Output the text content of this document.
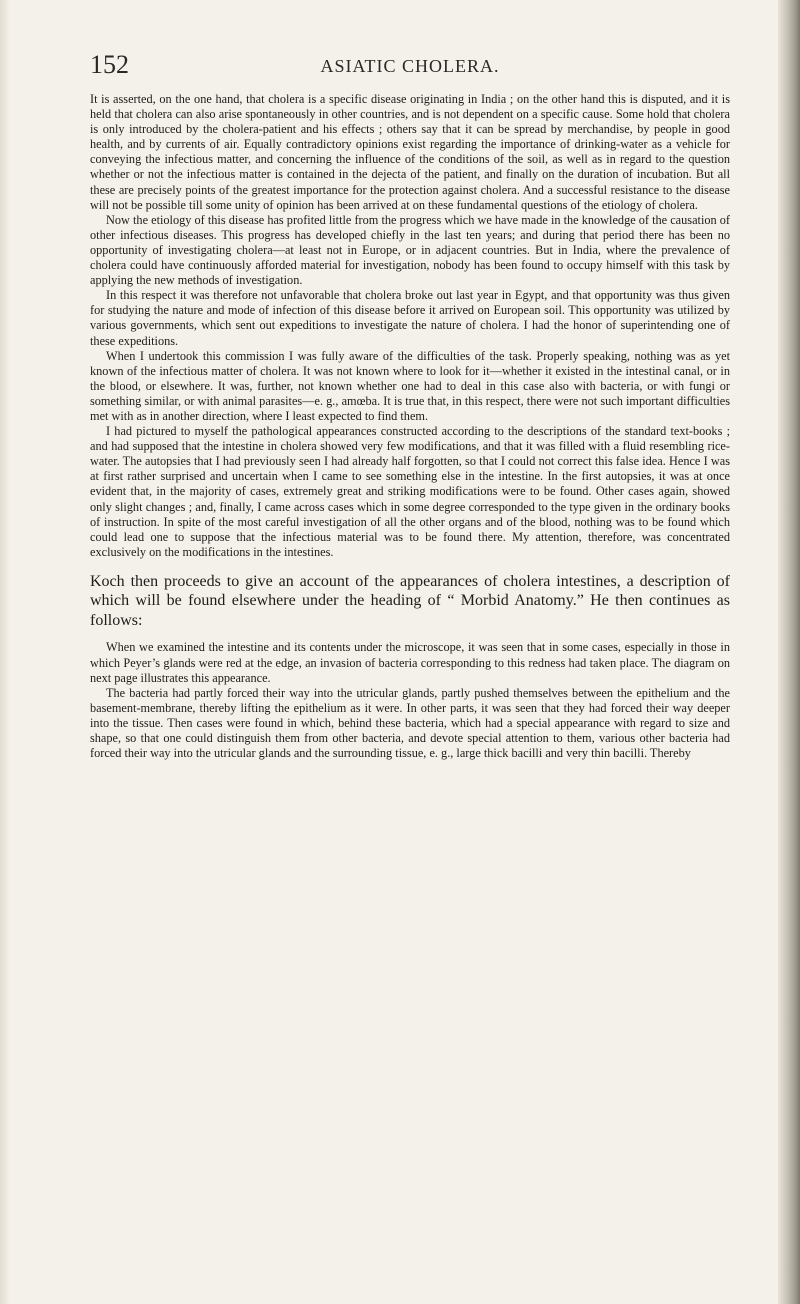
152	ASIATIC CHOLERA.

It is asserted, on the one hand, that cholera is a specific disease originating in India ; on the other hand this is disputed, and it is held that cholera can also arise spontaneously in other countries, and is not dependent on a specific cause. Some hold that cholera is only introduced by the cholera-patient and his effects ; others say that it can be spread by merchandise, by people in good health, and by currents of air. Equally contradictory opinions exist regarding the importance of drinking-water as a vehicle for conveying the infectious matter, and concerning the influence of the conditions of the soil, as well as in regard to the question whether or not the infectious matter is contained in the dejecta of the patient, and finally on the duration of incubation. But all these are precisely points of the greatest importance for the protection against cholera. And a successful resistance to the disease will not be possible till some unity of opinion has been arrived at on these fundamental questions of the etiology of cholera.

Now the etiology of this disease has profited little from the progress which we have made in the knowledge of the causation of other infectious diseases. This progress has developed chiefly in the last ten years; and during that period there has been no opportunity of investigating cholera—at least not in Europe, or in adjacent countries. But in India, where the prevalence of cholera could have continuously afforded material for investigation, nobody has been found to occupy himself with this task by applying the new methods of investigation.

In this respect it was therefore not unfavorable that cholera broke out last year in Egypt, and that opportunity was thus given for studying the nature and mode of infection of this disease before it arrived on European soil. This opportunity was utilized by various governments, which sent out expeditions to investigate the nature of cholera. I had the honor of superintending one of these expeditions.

When I undertook this commission I was fully aware of the difficulties of the task. Properly speaking, nothing was as yet known of the infectious matter of cholera. It was not known where to look for it—whether it existed in the intestinal canal, or in the blood, or elsewhere. It was, further, not known whether one had to deal in this case also with bacteria, or with fungi or something similar, or with animal parasites—e. g., amœba. It is true that, in this respect, there were not such important difficulties met with as in another direction, where I least expected to find them.

I had pictured to myself the pathological appearances constructed according to the descriptions of the standard text-books ; and had supposed that the intestine in cholera showed very few modifications, and that it was filled with a fluid resembling rice-water. The autopsies that I had previously seen I had already half forgotten, so that I could not correct this false idea. Hence I was at first rather surprised and uncertain when I came to see something else in the intestine. In the first autopsies, it was at once evident that, in the majority of cases, extremely great and striking modifications were to be found. Other cases again, showed only slight changes ; and, finally, I came across cases which in some degree corresponded to the type given in the ordinary books of instruction. In spite of the most careful investigation of all the other organs and of the blood, nothing was to be found which could lead one to suppose that the infectious material was to be found there. My attention, therefore, was concentrated exclusively on the modifications in the intestines.

Koch then proceeds to give an account of the appearances of cholera intestines, a description of which will be found elsewhere under the heading of “ Morbid Anatomy.” He then continues as follows:

When we examined the intestine and its contents under the microscope, it was seen that in some cases, especially in those in which Peyer’s glands were red at the edge, an invasion of bacteria corresponding to this redness had taken place. The diagram on next page illustrates this appearance.

The bacteria had partly forced their way into the utricular glands, partly pushed themselves between the epithelium and the basement-membrane, thereby lifting the epithelium as it were. In other parts, it was seen that they had forced their way deeper into the tissue. Then cases were found in which, behind these bacteria, which had a special appearance with regard to size and shape, so that one could distinguish them from other bacteria, and devote special attention to them, various other bacteria had forced their way into the utricular glands and the surrounding tissue, e. g., large thick bacilli and very thin bacilli. Thereby
